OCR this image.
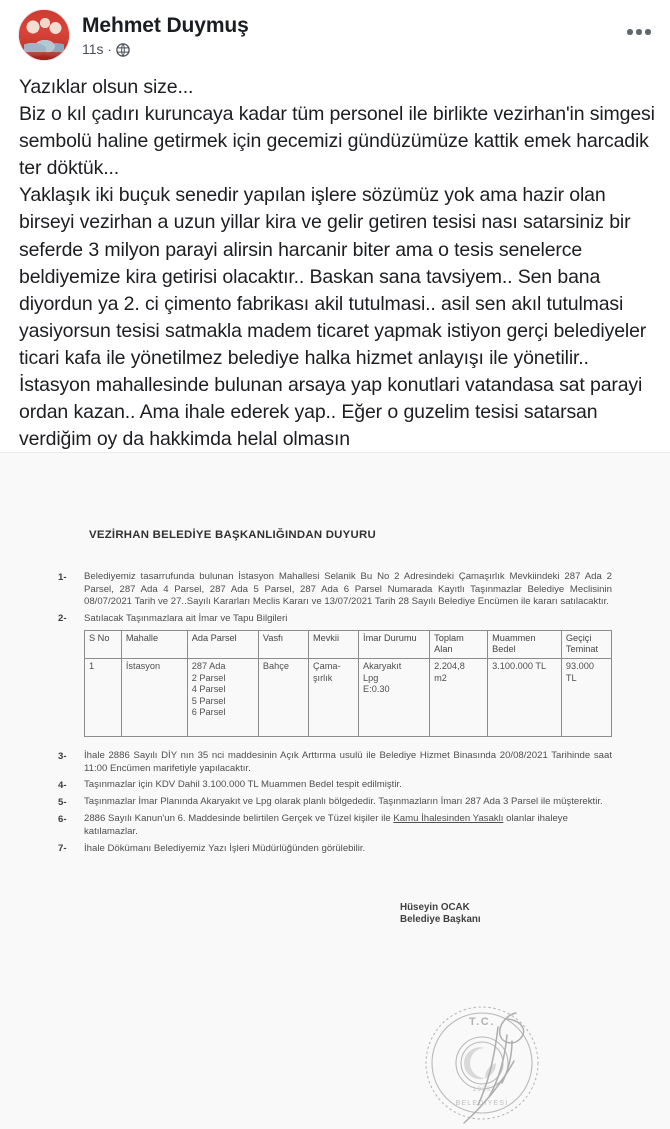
Mehmet Duymuş
11s ·

Yazıklar olsun size...

Biz o kıl çadırı kuruncaya kadar tüm personel ile birlikte vezirhan'in simgesi sembolü haline getirmek için gecemizi gündüzümüze kattik emek harcadik ter döktük...

Yaklaşık iki buçuk senedir yapılan işlere sözümüz yok ama hazir olan birseyi vezirhan a uzun yillar kira ve gelir getiren tesisi nası satarsiniz bir seferde 3 milyon parayi alirsin harcanir biter ama o tesis senelerce beldiyemize kira getirisi olacaktır.. Baskan sana tavsiyem.. Sen bana diyordun ya 2. ci çimento fabrikası akil tutulmasi.. asil sen akıl tutulmasi yasiyorsun tesisi satmakla madem ticaret yapmak istiyon gerçi belediyeler ticari kafa ile yönetilmez belediye halka hizmet anlayışı ile yönetilir.. İstasyon mahallesinde bulunan arsaya yap konutlari vatandasa sat parayi ordan kazan.. Ama ihale ederek yap.. Eğer o guzelim tesisi satarsan verdiğim oy da hakkimda helal olmasın

VEZİRHAN BELEDİYE BAŞKANLIĞINDAN DUYURU
1-	Belediyemiz tasarrufunda bulunan İstasyon Mahallesi Selanik Bu No 2 Adresindeki Çamaşırlık Mevkiindeki 287 Ada 2 Parsel, 287 Ada 4 Parsel, 287 Ada 5 Parsel, 287 Ada 6 Parsel Numarada Kayıtlı Taşınmazlar Belediye Meclisinin 08/07/2021 Tarih ve 27..Sayılı Kararları Meclis Kararı ve 13/07/2021 Tarih 28 Sayılı Belediye Encümen ile kararı satılacaktır.
2-	Satılacak Taşınmazlara ait İmar ve Tapu Bilgileri
S No	Mahalle	Ada Parsel	Vasfı	Mevkii	İmar Durumu	Toplam Alan	Muammen Bedel	Geçiçi Teminat
1	İstasyon	287 Ada
2 Parsel
4 Parsel
5 Parsel
6 Parsel	Bahçe	Çama-
şırlık	Akaryakıt
Lpg
E:0.30	2.204,8
m2	3.100.000 TL	93.000
TL
3-	İhale 2886 Sayılı DİY nın 35 nci maddesinin Açık Arttırma usulü ile Belediye Hizmet Binasında 20/08/2021 Tarihinde saat 11:00 Encümen marifetiyle yapılacaktır.
4-	Taşınmazlar için KDV Dahil 3.100.000 TL Muammen Bedel tespit edilmiştir.
5-	Taşınmazlar İmar Planında Akaryakıt ve Lpg olarak planlı bölgededir. Taşınmazların İmarı 287 Ada 3 Parsel ile müşterektir.
6-	2886 Sayılı Kanun'un 6. Maddesinde belirtilen Gerçek ve Tüzel kişiler ile Kamu İhalesinden Yasaklı olanlar ihaleye katılamazlar.
7-	İhale Dökümanı Belediyemiz Yazı İşleri Müdürlüğünden görülebilir.
Hüseyin OCAK
Belediye Başkanı
T.C.
BELEDİYESİ
1923
